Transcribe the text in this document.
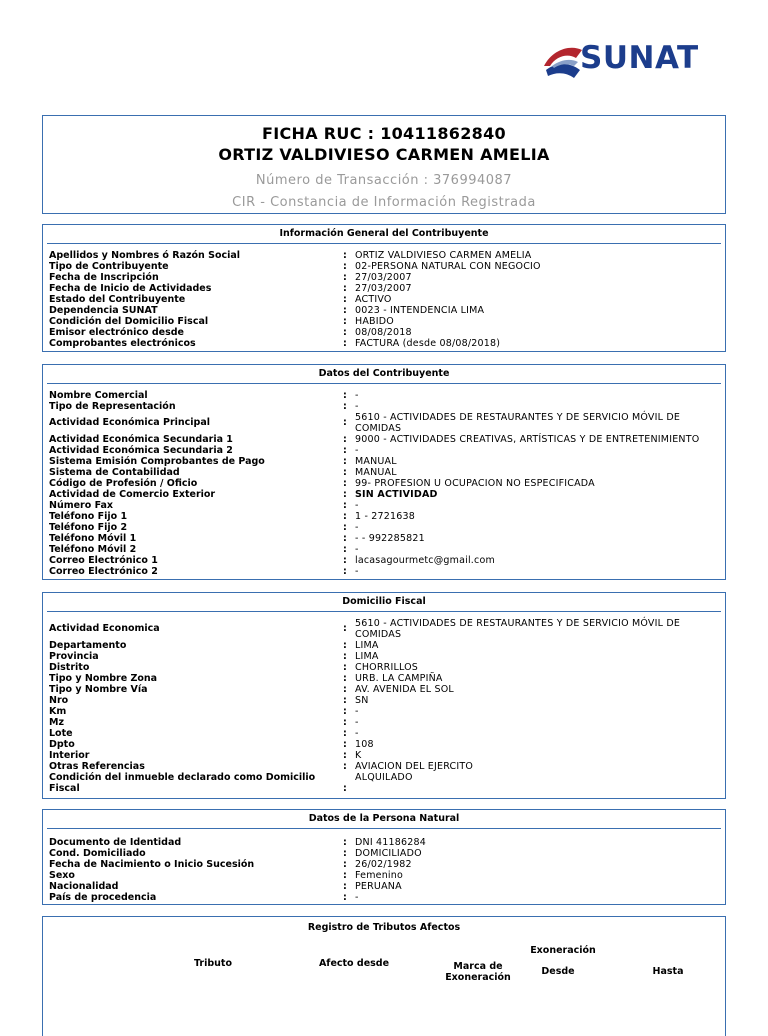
SUNAT
FICHA RUC : 10411862840
ORTIZ VALDIVIESO CARMEN AMELIA
Número de Transacción : 376994087
CIR - Constancia de Información Registrada
Información General del Contribuyente
Apellidos y Nombres ó Razón Social	: ORTIZ VALDIVIESO CARMEN AMELIA
Tipo de Contribuyente	: 02-PERSONA NATURAL CON NEGOCIO
Fecha de Inscripción	: 27/03/2007
Fecha de Inicio de Actividades	: 27/03/2007
Estado del Contribuyente	: ACTIVO
Dependencia SUNAT	: 0023 - INTENDENCIA LIMA
Condición del Domicilio Fiscal	: HABIDO
Emisor electrónico desde	: 08/08/2018
Comprobantes electrónicos	: FACTURA (desde 08/08/2018)
Datos del Contribuyente
Nombre Comercial	: -
Tipo de Representación	: -
Actividad Económica Principal	: 5610 - ACTIVIDADES DE RESTAURANTES Y DE SERVICIO MÓVIL DE COMIDAS
Actividad Económica Secundaria 1	: 9000 - ACTIVIDADES CREATIVAS, ARTÍSTICAS Y DE ENTRETENIMIENTO
Actividad Económica Secundaria 2	: -
Sistema Emisión Comprobantes de Pago	: MANUAL
Sistema de Contabilidad	: MANUAL
Código de Profesión / Oficio	: 99- PROFESION U OCUPACION NO ESPECIFICADA
Actividad de Comercio Exterior	: SIN ACTIVIDAD
Número Fax	: -
Teléfono Fijo 1	: 1 - 2721638
Teléfono Fijo 2	: -
Teléfono Móvil 1	: - - 992285821
Teléfono Móvil 2	: -
Correo Electrónico 1	: lacasagourmetc@gmail.com
Correo Electrónico 2	: -
Domicilio Fiscal
Actividad Economica	: 5610 - ACTIVIDADES DE RESTAURANTES Y DE SERVICIO MÓVIL DE COMIDAS
Departamento	: LIMA
Provincia	: LIMA
Distrito	: CHORRILLOS
Tipo y Nombre Zona	: URB. LA CAMPIÑA
Tipo y Nombre Vía	: AV. AVENIDA EL SOL
Nro	: SN
Km	: -
Mz	: -
Lote	: -
Dpto	: 108
Interior	: K
Otras Referencias	: AVIACION DEL EJERCITO
Condición del inmueble declarado como Domicilio Fiscal	:
ALQUILADO
Datos de la Persona Natural
Documento de Identidad	: DNI 41186284
Cond. Domiciliado	: DOMICILIADO
Fecha de Nacimiento o Inicio Sucesión	: 26/02/1982
Sexo	: Femenino
Nacionalidad	: PERUANA
País de procedencia	: -
Registro de Tributos Afectos
Tributo	Afecto desde	Marca de
Exoneración
Exoneración
Desde	Hasta
